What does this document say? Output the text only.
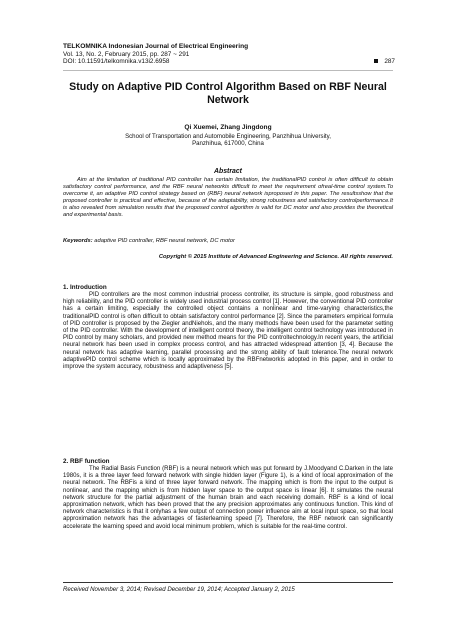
TELKOMNIKA Indonesian Journal of Electrical Engineering
Vol. 13, No. 2, February 2015, pp. 287 ~ 291
DOI: 10.11591/telkomnika.v13i2.6958	287
Study on Adaptive PID Control Algorithm Based on RBF Neural Network
Qi Xuemei, Zhang Jingdong
School of Transportation and Automobile Engineering, Panzhihua University,
Panzhihua, 617000, China
Abstract
Aim at the limitation of traditional PID controller has certain limitation, the traditionalPID control is often difficult to obtain satisfactory control performance, and the RBF neural networkis difficult to meet the requirement ofreal-time control system.To overcome it, an adaptive PID control strategy based on (RBF) neural network isproposed in this paper. The resultsshow that the proposed controller is practical and effective, because of the adaptability, strong robustness and satisfactory controlperformance.It is also revealed from simulation results that the proposed control algorithm is valid for DC motor and also provides the theoretical and experimental basis.
Keywords: adaptive PID controller, RBF neural network, DC motor
Copyright © 2015 Institute of Advanced Engineering and Science. All rights reserved.
1. Introduction
PID controllers are the most common industrial process controller, its structure is simple, good robustness and high reliability, and the PID controller is widely used industrial process control [1]. However, the conventional PID controller has a certain limiting, especially the controlled object contains a nonlinear and time-varying characteristics,the traditionalPID control is often difficult to obtain satisfactory control performance [2]. Since the parameters empirical formula of PID controller is proposed by the Ziegler andNiehols, and the many methods have been used for the parameter setting of the PID controller. With the development of intelligent control theory, the intelligent control technology was introduced in PID control by many scholars, and provided new method means for the PID controltechnology.In recent years, the artificial neural network has been used in complex process control, and has attracted widespread attention [3, 4]. Because the neural network has adaptive learning, parallel processing and the strong ability of fault tolerance.The neural network adaptivePID control scheme which is locally approximated by the RBFnetworkis adopted in this paper, and in order to improve the system accuracy, robustness and adaptiveness [5].
2. RBF function
The Radial Basis Function (RBF) is a neural network which was put forward by J.Moodyand C.Darken in the late 1980s, it is a three layer feed forward network with single hidden layer (Figure 1), is a kind of local approximation of the neural network. The RBFis a kind of three layer forward network. The mapping which is from the input to the output is nonlinear, and the mapping which is from hidden layer space to the output space is linear [6]. It simulates the neural network structure for the partial adjustment of the human brain and each receiving domain. RBF is a kind of local approximation network, which has been proved that the any precision approximates any continuous function. This kind of network characteristics is that it onlyhas a few output of connection power influence aim at local input space, so that local approximation network has the advantages of fasterlearning speed [7]. Therefore, the RBF network can significantly accelerate the learning speed and avoid local minimum problem, which is suitable for the real-time control.
Received November 3, 2014; Revised December 19, 2014; Accepted January 2, 2015
